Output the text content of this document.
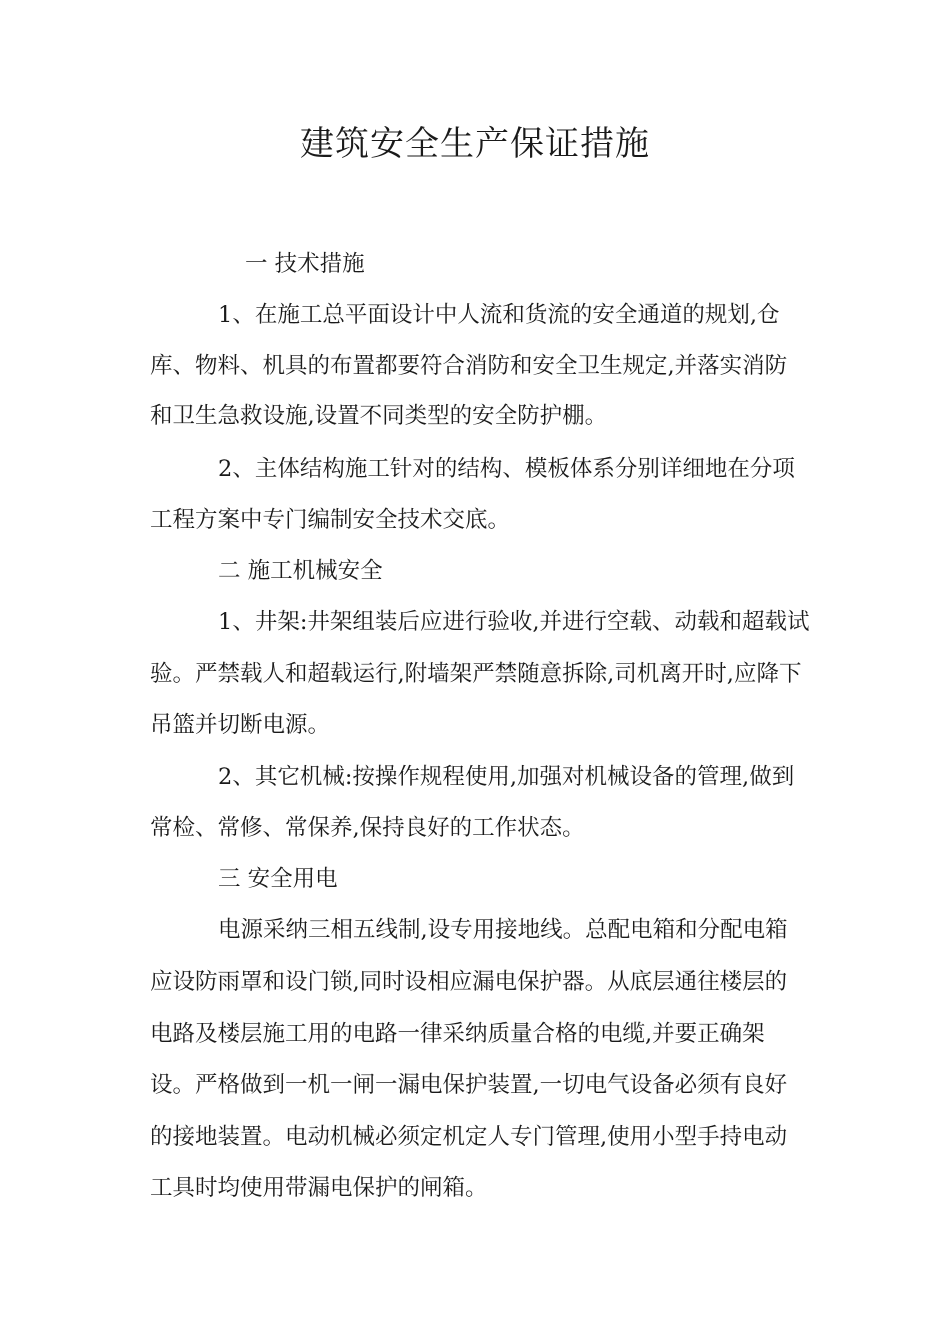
建筑安全生产保证措施

一 技术措施

1、在施工总平面设计中人流和货流的安全通道的规划,仓

库、物料、机具的布置都要符合消防和安全卫生规定,并落实消防

和卫生急救设施,设置不同类型的安全防护棚。

2、主体结构施工针对的结构、模板体系分别详细地在分项

工程方案中专门编制安全技术交底。

二 施工机械安全

1、井架:井架组装后应进行验收,并进行空载、动载和超载试

验。严禁载人和超载运行,附墙架严禁随意拆除,司机离开时,应降下

吊篮并切断电源。

2、其它机械:按操作规程使用,加强对机械设备的管理,做到

常检、常修、常保养,保持良好的工作状态。

三 安全用电

电源采纳三相五线制,设专用接地线。总配电箱和分配电箱

应设防雨罩和设门锁,同时设相应漏电保护器。从底层通往楼层的

电路及楼层施工用的电路一律采纳质量合格的电缆,并要正确架

设。严格做到一机一闸一漏电保护装置,一切电气设备必须有良好

的接地装置。电动机械必须定机定人专门管理,使用小型手持电动

工具时均使用带漏电保护的闸箱。
